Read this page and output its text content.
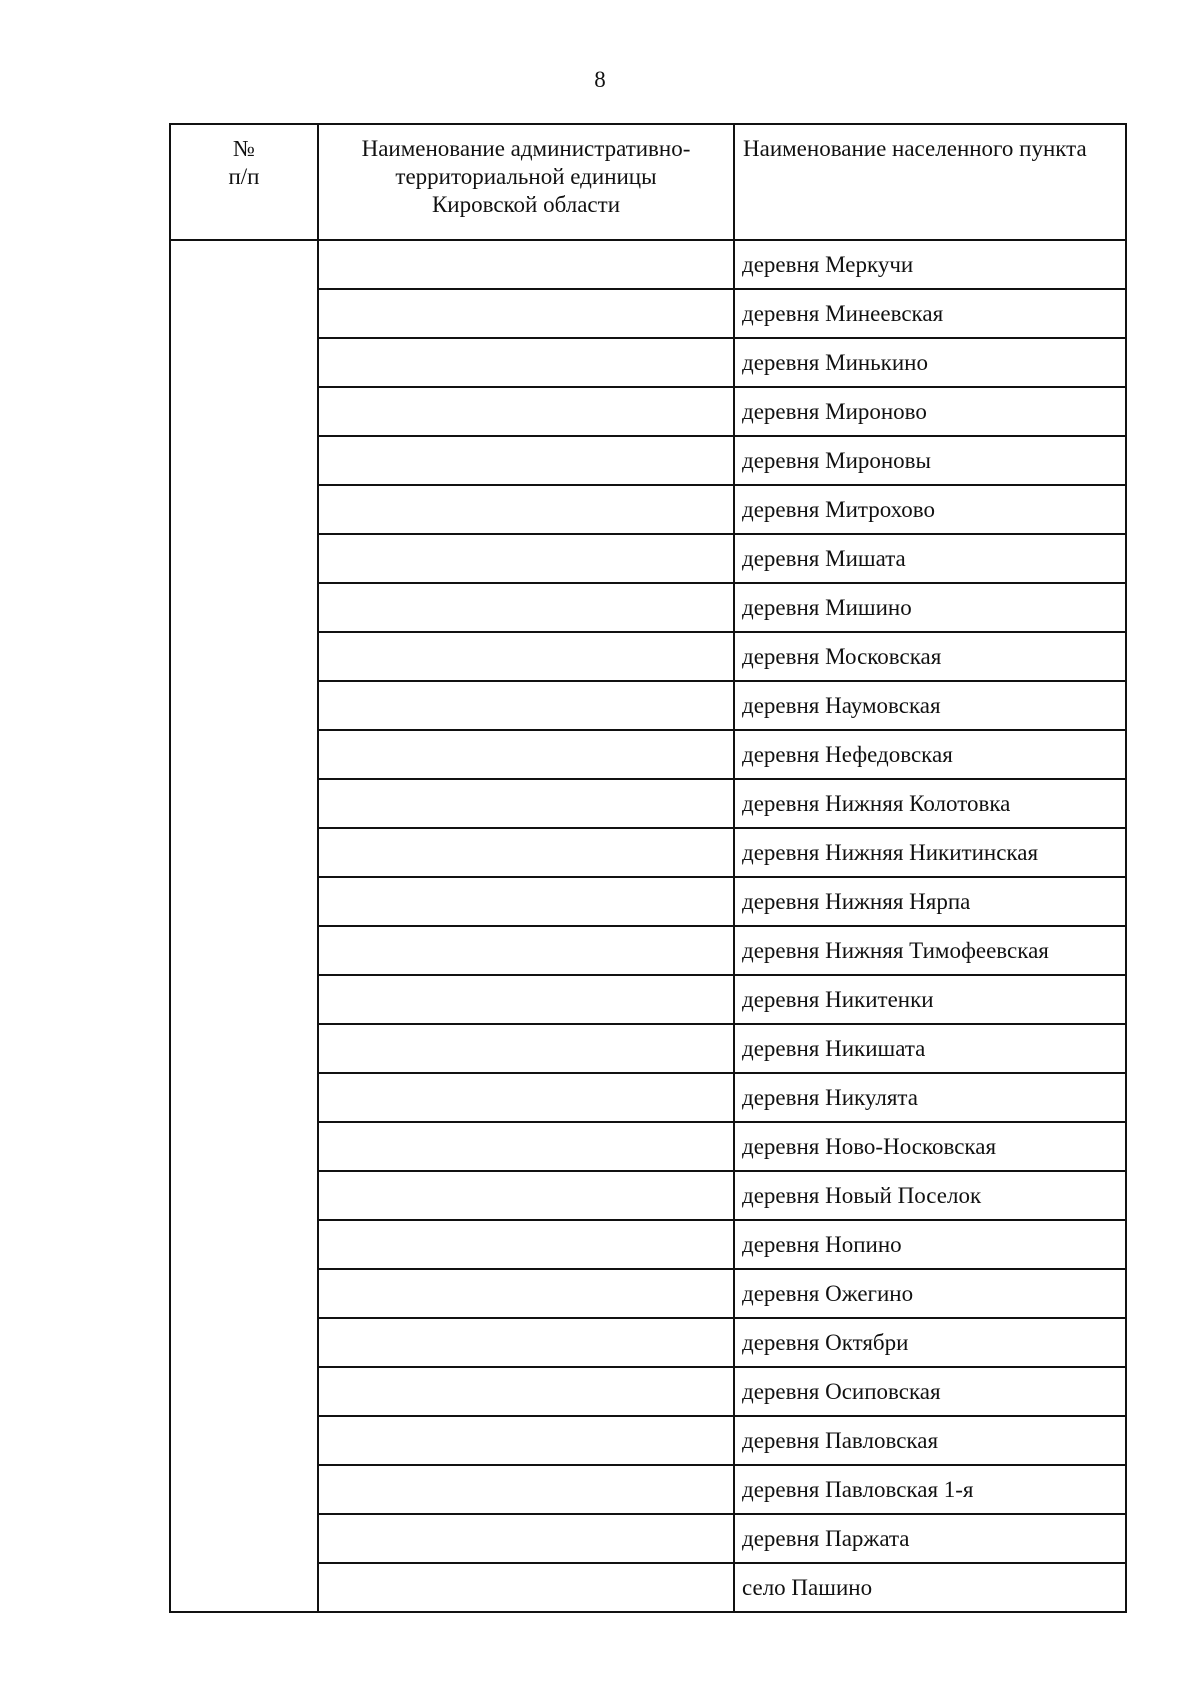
8
№
п/п	Наименование административно-
территориальной единицы
Кировской области	Наименование населенного пункта
		деревня Меркучи
		деревня Минеевская
		деревня Минькино
		деревня Мироново
		деревня Мироновы
		деревня Митрохово
		деревня Мишата
		деревня Мишино
		деревня Московская
		деревня Наумовская
		деревня Нефедовская
		деревня Нижняя Колотовка
		деревня Нижняя Никитинская
		деревня Нижняя Нярпа
		деревня Нижняя Тимофеевская
		деревня Никитенки
		деревня Никишата
		деревня Никулята
		деревня Ново-Носковская
		деревня Новый Поселок
		деревня Нопино
		деревня Ожегино
		деревня Октябри
		деревня Осиповская
		деревня Павловская
		деревня Павловская 1-я
		деревня Паржата
		село Пашино
